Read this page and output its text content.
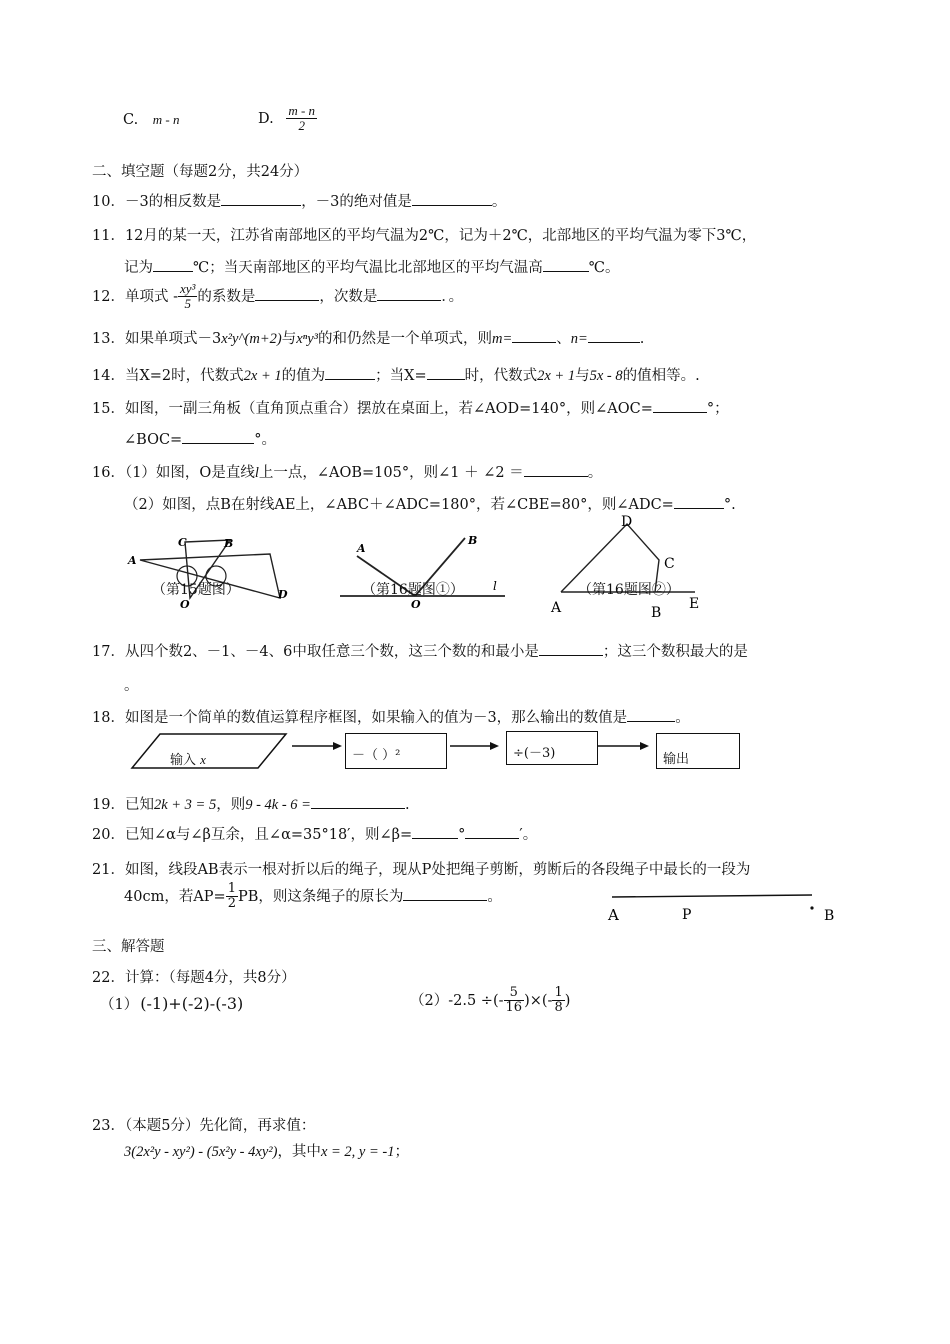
C. m - n	D. $\frac{m - n}{2}$
二、填空题（每题2分，共24分）
10．－3的相反数是	，－3的绝对值是	。
11．12月的某一天，江苏省南部地区的平均气温为2℃，记为＋2℃，北部地区的平均气温为零下3℃，
记为	℃；当天南部地区的平均气温比北部地区的平均气温高	℃。
12．单项式 - $\frac{\text{xy³}}{5}$ 的系数是	，次数是	．。
13．如果单项式－3x²y^(m+2)与xⁿy³的和仍然是一个单项式，则m=	、n=	.
14．当X=2时，代数式2x + 1的值为	；当X=	时，代数式2x + 1与5x - 8的值相等。.
15．如图，一副三角板（直角顶点重合）摆放在桌面上，若∠AOD=140°，则∠AOC=	°；
∠BOC=	°。
16．（1）如图，O是直线l上一点，∠AOB=105°，则∠1 ＋ ∠2 ＝	。
（2）如图，点B在射线AE上，∠ABC＋∠ADC=180°，若∠CBE=80°，则∠ADC=	°.
A
C	B
D
O
（第15题图）
A
B
O
l
（第16题图①）
D
C
A	B
E
（第16题图②）
17．从四个数2、－1、－4、6中取任意三个数，这三个数的和最小是	；这三个数积最大的是
。
18．如图是一个简单的数值运算程序框图，如果输入的值为－3，那么输出的数值是	。
输入 x	－（ ）²	÷(－3)	输出
19．已知2k + 3 = 5，则9 - 4k - 6 =	.
20．已知∠α与∠β互余，且∠α=35°18′，则∠β=	°	′。
21．如图，线段AB表示一根对折以后的绳子，现从P处把绳子剪断，剪断后的各段绳子中最长的一段为
40cm，若$AP= \frac{1}{2}$ PB，则这条绳子的原长为	。
A	P	B
三、解答题
22．计算：（每题4分，共8分）
（1） (-1)+(-2)-(-3)	（2）-2.5 ÷(- $\frac{5}{16}$ )×(- $\frac{1}{8}$ )
23．（本题5分）先化简，再求值：
3(2x²y - xy²) - (5x²y - 4xy²)，其中x = 2, y = -1；
